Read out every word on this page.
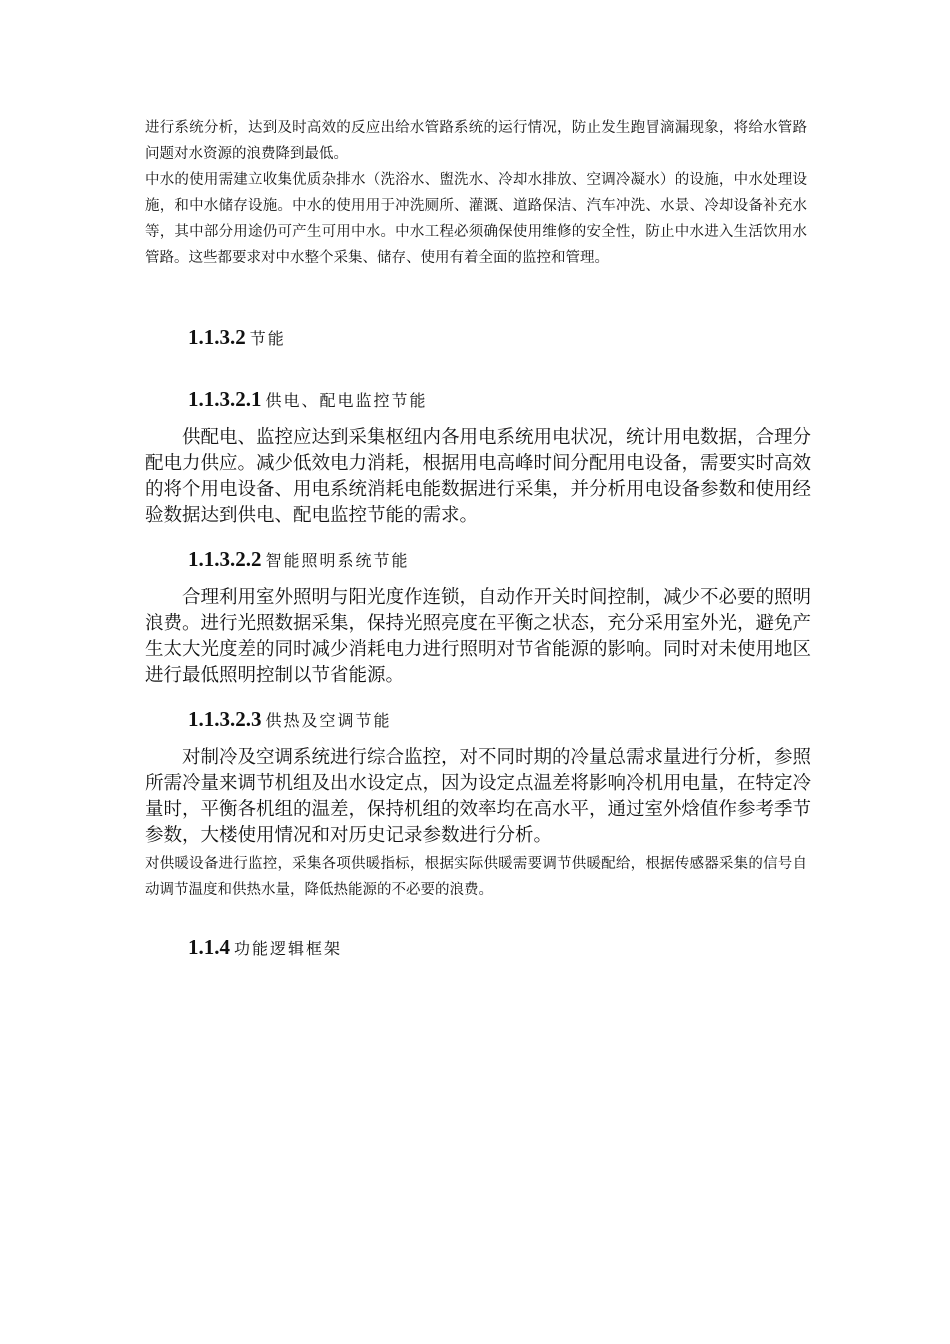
进行系统分析，达到及时高效的反应出给水管路系统的运行情况，防止发生跑冒滴漏现象，将给水管路问题对水资源的浪费降到最低。

中水的使用需建立收集优质杂排水（洗浴水、盥洗水、冷却水排放、空调冷凝水）的设施，中水处理设施，和中水储存设施。中水的使用用于冲洗厕所、灌溉、道路保洁、汽车冲洗、水景、冷却设备补充水等，其中部分用途仍可产生可用中水。中水工程必须确保使用维修的安全性，防止中水进入生活饮用水管路。这些都要求对中水整个采集、储存、使用有着全面的监控和管理。

1.1.3.2 节能
1.1.3.2.1 供电、配电监控节能

供配电、监控应达到采集枢纽内各用电系统用电状况，统计用电数据，合理分配电力供应。减少低效电力消耗，根据用电高峰时间分配用电设备，需要实时高效的将个用电设备、用电系统消耗电能数据进行采集，并分析用电设备参数和使用经验数据达到供电、配电监控节能的需求。

1.1.3.2.2 智能照明系统节能

合理利用室外照明与阳光度作连锁，自动作开关时间控制，减少不必要的照明浪费。进行光照数据采集，保持光照亮度在平衡之状态，充分采用室外光，避免产生太大光度差的同时减少消耗电力进行照明对节省能源的影响。同时对未使用地区进行最低照明控制以节省能源。

1.1.3.2.3 供热及空调节能

对制冷及空调系统进行综合监控，对不同时期的冷量总需求量进行分析，参照所需冷量来调节机组及出水设定点，因为设定点温差将影响冷机用电量，在特定冷量时，平衡各机组的温差，保持机组的效率均在高水平，通过室外焓值作参考季节参数，大楼使用情况和对历史记录参数进行分析。

对供暖设备进行监控，采集各项供暖指标，根据实际供暖需要调节供暖配给，根据传感器采集的信号自动调节温度和供热水量，降低热能源的不必要的浪费。

1.1.4 功能逻辑框架
